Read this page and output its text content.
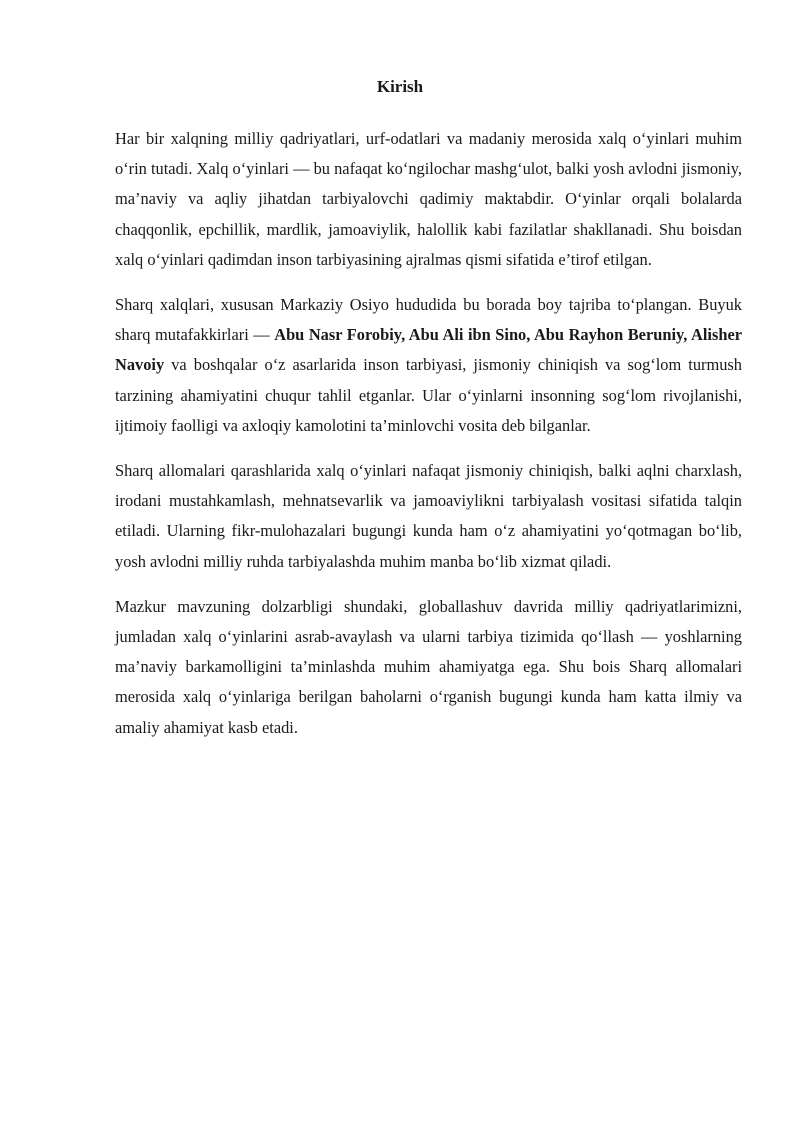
Kirish

Har bir xalqning milliy qadriyatlari, urf-odatlari va madaniy merosida xalq o‘yinlari muhim o‘rin tutadi. Xalq o‘yinlari — bu nafaqat ko‘ngilochar mashg‘ulot, balki yosh avlodni jismoniy, ma’naviy va aqliy jihatdan tarbiyalovchi qadimiy maktabdir. O‘yinlar orqali bolalarda chaqqonlik, epchillik, mardlik, jamoaviylik, halollik kabi fazilatlar shakllanadi. Shu boisdan xalq o‘yinlari qadimdan inson tarbiyasining ajralmas qismi sifatida e’tirof etilgan.

Sharq xalqlari, xususan Markaziy Osiyo hududida bu borada boy tajriba to‘plangan. Buyuk sharq mutafakkirlari — Abu Nasr Forobiy, Abu Ali ibn Sino, Abu Rayhon Beruniy, Alisher Navoiy va boshqalar o‘z asarlarida inson tarbiyasi, jismoniy chiniqish va sog‘lom turmush tarzining ahamiyatini chuqur tahlil etganlar. Ular o‘yinlarni insonning sog‘lom rivojlanishi, ijtimoiy faolligi va axloqiy kamolotini ta’minlovchi vosita deb bilganlar.

Sharq allomalari qarashlarida xalq o‘yinlari nafaqat jismoniy chiniqish, balki aqlni charxlash, irodani mustahkamlash, mehnatsevarlik va jamoaviylikni tarbiyalash vositasi sifatida talqin etiladi. Ularning fikr-mulohazalari bugungi kunda ham o‘z ahamiyatini yo‘qotmagan bo‘lib, yosh avlodni milliy ruhda tarbiyalashda muhim manba bo‘lib xizmat qiladi.

Mazkur mavzuning dolzarbligi shundaki, globallashuv davrida milliy qadriyatlarimizni, jumladan xalq o‘yinlarini asrab-avaylash va ularni tarbiya tizimida qo‘llash — yoshlarning ma’naviy barkamolligini ta’minlashda muhim ahamiyatga ega. Shu bois Sharq allomalari merosida xalq o‘yinlariga berilgan baholarni o‘rganish bugungi kunda ham katta ilmiy va amaliy ahamiyat kasb etadi.
